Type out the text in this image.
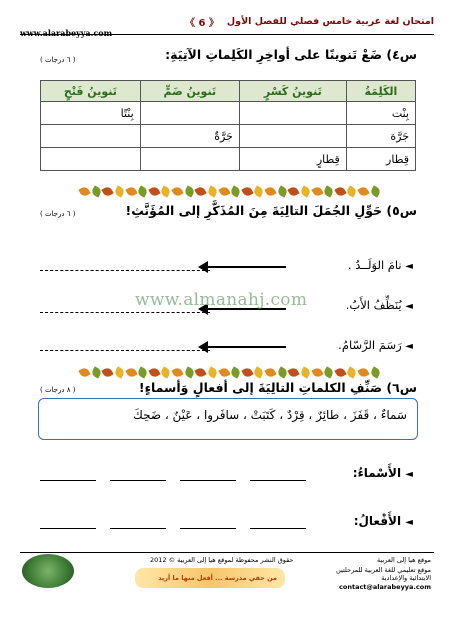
امتحان لغة عربية خامس فصلي للفصل الأول
《 6 》
www.alarabeyya.com
س٤) ضَعْ تَنوينًا على أواخِرِ الكَلِماتِ الآتِيَةِ:
( ٦ درجات )
الكَلِمَةُ	تَنوينُ كَسْرٍ	تَنوينُ ضَمٍّ	تَنوينُ فَتْحٍ
بِنْت			بِنْتًا
جَرَّة		جَرَّةٌ	
قِطار	قِطارٍ		
س٥) حَوِّلِ الجُمَلَ التالِيَةَ مِنَ المُذَكَّرِ إلى المُؤَنَّثِ!
( ٦ درجات )
◄ نامَ الوَلَــدُ .
◄ يُنَظِّفُ الأَبُ.
◄ رَسَمَ الرَّسّامُ.
www.almanahj.com
س٦) صَنِّفِ الكلماتِ التالِيَةَ إلى أفعالٍ وَأسماءٍ!
( ٨ درجات )
سَماءٌ ، قَفَزَ ، طائِرٌ ، قِرْدٌ ، كَتَبَتْ ، سافَروا ، عَيْنٌ ، ضَحِكَ
◄ الأَسْماءُ:
◄ الأَفْعالُ:
حقوق النشر محفوظة لموقع هيا إلى العربية © 2012
من حقي مدرسة ... أفعل منها ما أريد
موقع هيا إلى العربية
موقع تعليمي للغة العربية للمرحلتين
الابتدائية والإعدادية
contact@alarabeyya.com
